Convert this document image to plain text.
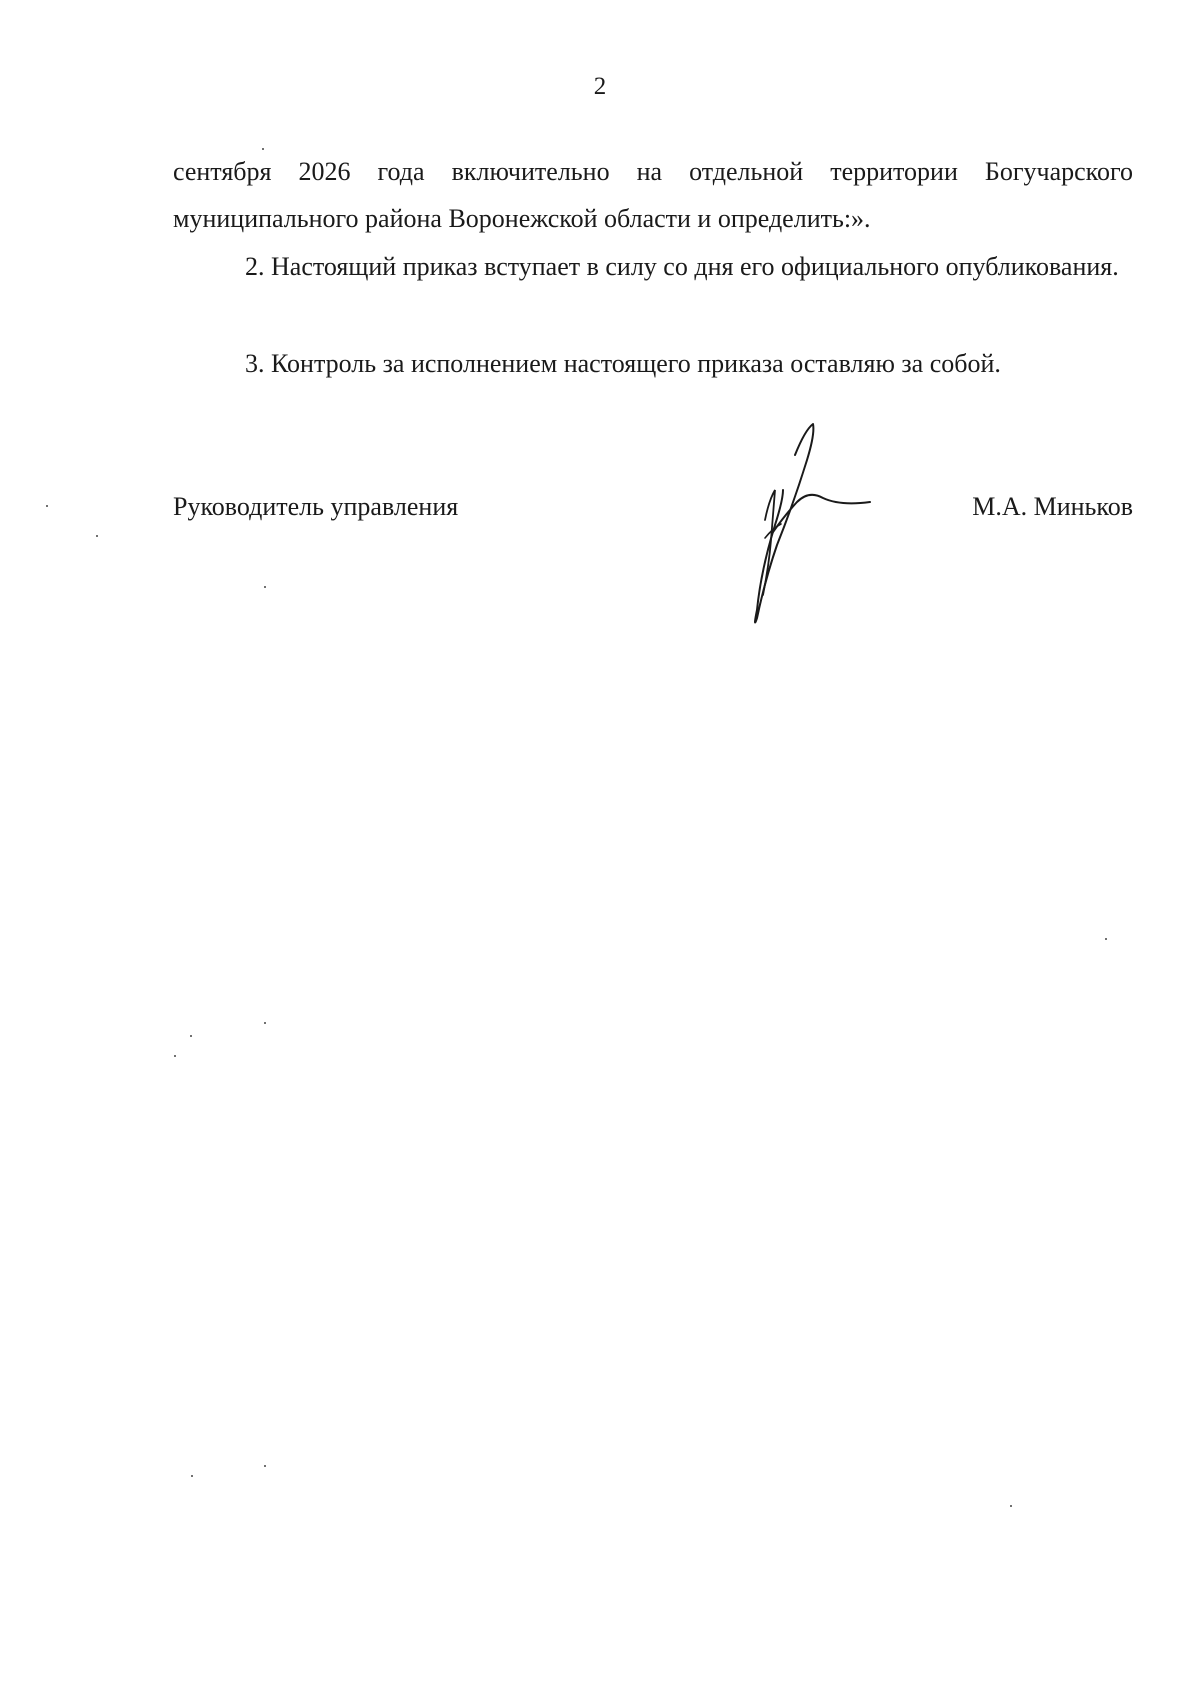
2
сентября 2026 года включительно на отдельной территории Богучарского муниципального района Воронежской области и определить:».
2. Настоящий приказ вступает в силу со дня его официального опубликования.
3. Контроль за исполнением настоящего приказа оставляю за собой.
Руководитель управления	М.А. Миньков
